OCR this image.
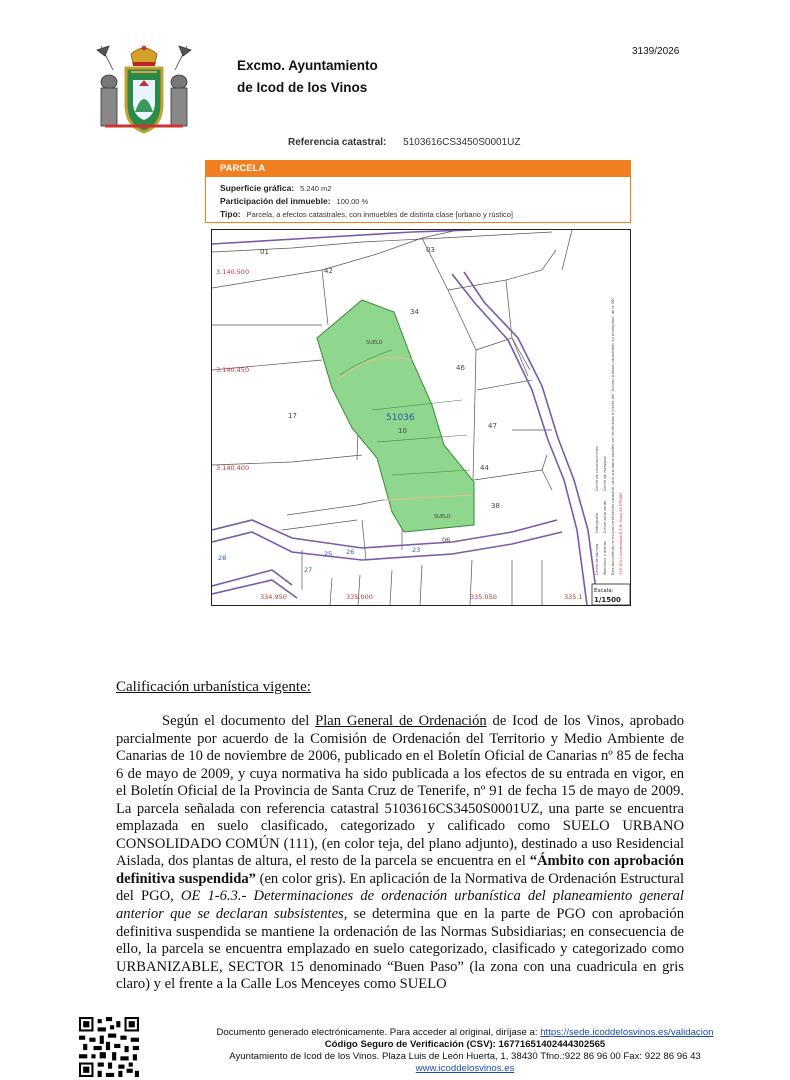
Excmo. Ayuntamiento
de Icod de los Vinos
3139/2026
Referencia catastral: 5103616CS3450S0001UZ
PARCELA
Superficie gráfica: 5.240 m2
Participación del inmueble: 100,00 %
Tipo: Parcela, a efectos catastrales, con inmuebles de distinta clase [urbano y rústico]
01	03
42
34
46
17
47
44
38
10
51036
SUELO
SUELO
3.140.500
3.140.450
3.140.400
334.950	335.000	335.050	335.1
28
23
25 26
27
06
Límite de parcela
Hidrografía
Límite de construcciones
Mobiliario y aceras
Límite zona verde
Límite de manzana Este documento no es una certificación catastral, pero sus datos pueden ser verificados a través del "Acceso a datos catastrales no protegidos" de la SEC 335,100 Coordenadas U.T.M. Huso 28 ETRS89
Escala:
1/1500
Calificación urbanística vigente:
Según el documento del Plan General de Ordenación de Icod de los Vinos, aprobado parcialmente por acuerdo de la Comisión de Ordenación del Territorio y Medio Ambiente de Canarias de 10 de noviembre de 2006, publicado en el Boletín Oficial de Canarias nº 85 de fecha 6 de mayo de 2009, y cuya normativa ha sido publicada a los efectos de su entrada en vigor, en el Boletín Oficial de la Provincia de Santa Cruz de Tenerife, nº 91 de fecha 15 de mayo de 2009. La parcela señalada con referencia catastral 5103616CS3450S0001UZ, una parte se encuentra emplazada en suelo clasificado, categorizado y calificado como SUELO URBANO CONSOLIDADO COMÚN (111), (en color teja, del plano adjunto), destinado a uso Residencial Aislada, dos plantas de altura, el resto de la parcela se encuentra en el “Ámbito con aprobación definitiva suspendida” (en color gris). En aplicación de la Normativa de Ordenación Estructural del PGO, OE 1-6.3.- Determinaciones de ordenación urbanística del planeamiento general anterior que se declaran subsistentes, se determina que en la parte de PGO con aprobación definitiva suspendida se mantiene la ordenación de las Normas Subsidiarias; en consecuencia de ello, la parcela se encuentra emplazado en suelo categorizado, clasificado y categorizado como URBANIZABLE, SECTOR 15 denominado “Buen Paso” (la zona con una cuadricula en gris claro) y el frente a la Calle Los Menceyes como SUELO
Documento generado electrónicamente. Para acceder al original, diríjase a: https://sede.icoddelosvinos.es/validacion
Código Seguro de Verificación (CSV): 16771651402444302565
Ayuntamiento de Icod de los Vinos. Plaza Luis de León Huerta, 1, 38430 Tfno.:922 86 96 00 Fax: 922 86 96 43
www.icoddelosvinos.es
